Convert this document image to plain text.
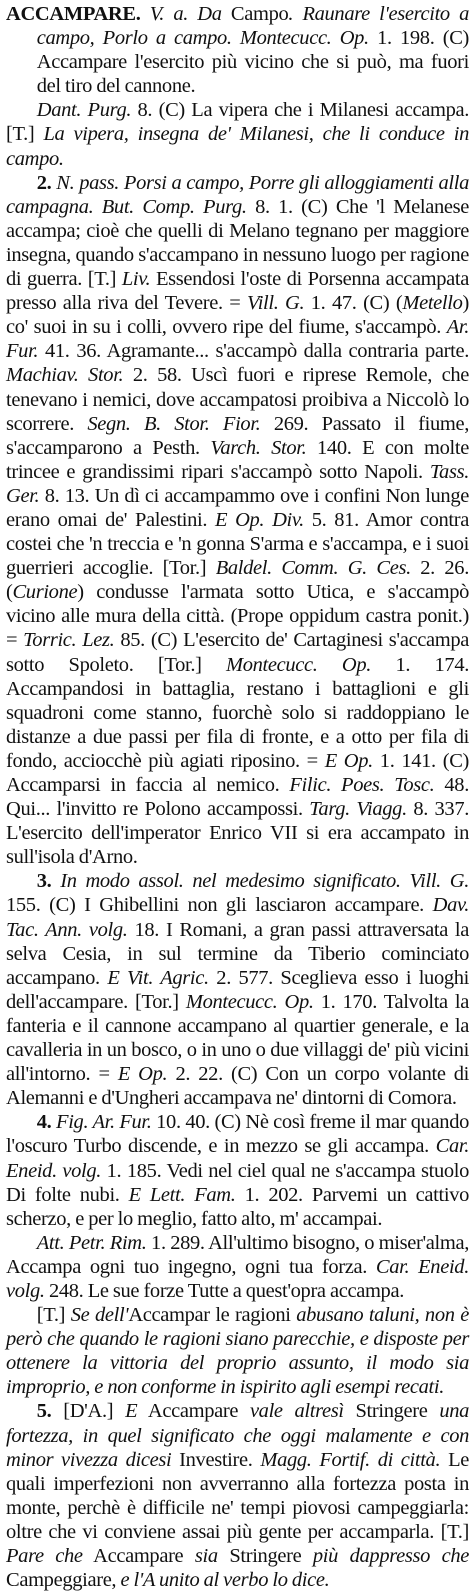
ACCAMPARE. V. a. Da Campo. Raunare l'esercito a campo, Porlo a campo. Montecucc. Op. 1. 198. (C) Accampare l'esercito più vicino che si può, ma fuori del tiro del cannone.

Dant. Purg. 8. (C) La vipera che i Milanesi accampa. [T.] La vipera, insegna de' Milanesi, che li conduce in campo.

2. N. pass. Porsi a campo, Porre gli alloggiamenti alla campagna. But. Comp. Purg. 8. 1. (C) Che 'l Melanese accampa; cioè che quelli di Melano tegnano per maggiore insegna, quando s'accampano in nessuno luogo per ragione di guerra. [T.] Liv. Essendosi l'oste di Porsenna accampata presso alla riva del Tevere. = Vill. G. 1. 47. (C) (Metello) co' suoi in su i colli, ovvero ripe del fiume, s'accampò. Ar. Fur. 41. 36. Agramante... s'accampò dalla contraria parte. Machiav. Stor. 2. 58. Uscì fuori e riprese Remole, che tenevano i nemici, dove accampatosi proibiva a Niccolò lo scorrere. Segn. B. Stor. Fior. 269. Passato il fiume, s'accamparono a Pesth. Varch. Stor. 140. E con molte trincee e grandissimi ripari s'accampò sotto Napoli. Tass. Ger. 8. 13. Un dì ci accampammo ove i confini Non lunge erano omai de' Palestini. E Op. Div. 5. 81. Amor contra costei che 'n treccia e 'n gonna S'arma e s'accampa, e i suoi guerrieri accoglie. [Tor.] Baldel. Comm. G. Ces. 2. 26. (Curione) condusse l'armata sotto Utica, e s'accampò vicino alle mura della città. (Prope oppidum castra ponit.) = Torric. Lez. 85. (C) L'esercito de' Cartaginesi s'accampa sotto Spoleto. [Tor.] Montecucc. Op. 1. 174. Accampandosi in battaglia, restano i battaglioni e gli squadroni come stanno, fuorchè solo si raddoppiano le distanze a due passi per fila di fronte, e a otto per fila di fondo, acciocchè più agiati riposino. = E Op. 1. 141. (C) Accamparsi in faccia al nemico. Filic. Poes. Tosc. 48. Qui... l'invitto re Polono accampossi. Targ. Viagg. 8. 337. L'esercito dell'imperator Enrico VII si era accampato in sull'isola d'Arno.

3. In modo assol. nel medesimo significato. Vill. G. 155. (C) I Ghibellini non gli lasciaron accampare. Dav. Tac. Ann. volg. 18. I Romani, a gran passi attraversata la selva Cesia, in sul termine da Tiberio cominciato accampano. E Vit. Agric. 2. 577. Sceglieva esso i luoghi dell'accampare. [Tor.] Montecucc. Op. 1. 170. Talvolta la fanteria e il cannone accampano al quartier generale, e la cavalleria in un bosco, o in uno o due villaggi de' più vicini all'intorno. = E Op. 2. 22. (C) Con un corpo volante di Alemanni e d'Ungheri accampava ne' dintorni di Comora.

4. Fig. Ar. Fur. 10. 40. (C) Nè così freme il mar quando l'oscuro Turbo discende, e in mezzo se gli accampa. Car. Eneid. volg. 1. 185. Vedi nel ciel qual ne s'accampa stuolo Di folte nubi. E Lett. Fam. 1. 202. Parvemi un cattivo scherzo, e per lo meglio, fatto alto, m' accampai.

Att. Petr. Rim. 1. 289. All'ultimo bisogno, o miser'alma, Accampa ogni tuo ingegno, ogni tua forza. Car. Eneid. volg. 248. Le sue forze Tutte a quest'opra accampa.

[T.] Se dell'Accampar le ragioni abusano taluni, non è però che quando le ragioni siano parecchie, e disposte per ottenere la vittoria del proprio assunto, il modo sia improprio, e non conforme in ispirito agli esempi recati.

5. [D'A.] E Accampare vale altresì Stringere una fortezza, in quel significato che oggi malamente e con minor vivezza dicesi Investire. Magg. Fortif. di città. Le quali imperfezioni non avverranno alla fortezza posta in monte, perchè è difficile ne' tempi piovosi campeggiarla: oltre che vi conviene assai più gente per accamparla. [T.] Pare che Accampare sia Stringere più dappresso che Campeggiare, e l'A unito al verbo lo dice.
